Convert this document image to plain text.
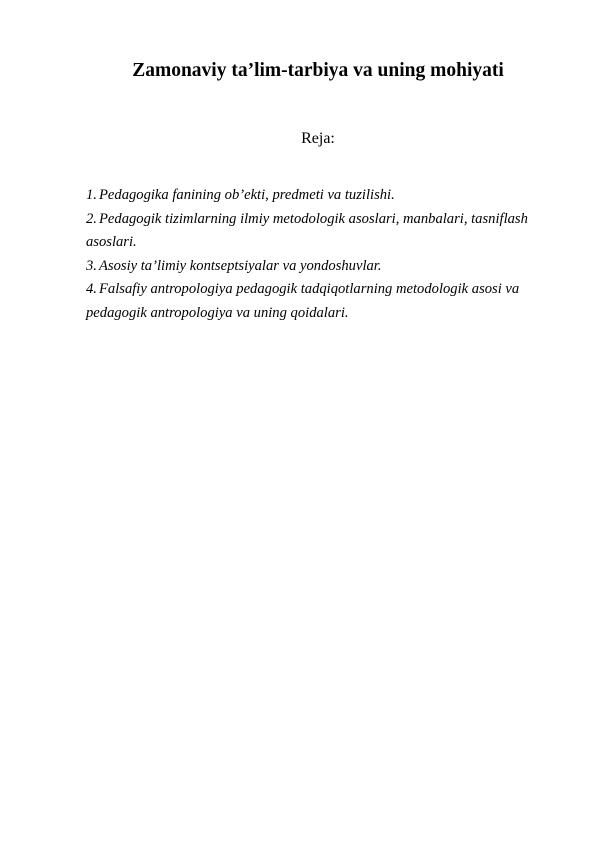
Zamonaviy ta’lim-tarbiya va uning mohiyati
Reja:
1. Pedagogika fanining ob’ekti, predmeti va tuzilishi.
2. Pedagogik tizimlarning ilmiy metodologik asoslari, manbalari, tasniflash asoslari.
3. Asosiy ta’limiy kontseptsiyalar va yondoshuvlar.
4. Falsafiy antropologiya pedagogik tadqiqotlarning metodologik asosi va pedagogik antropologiya va uning qoidalari.
